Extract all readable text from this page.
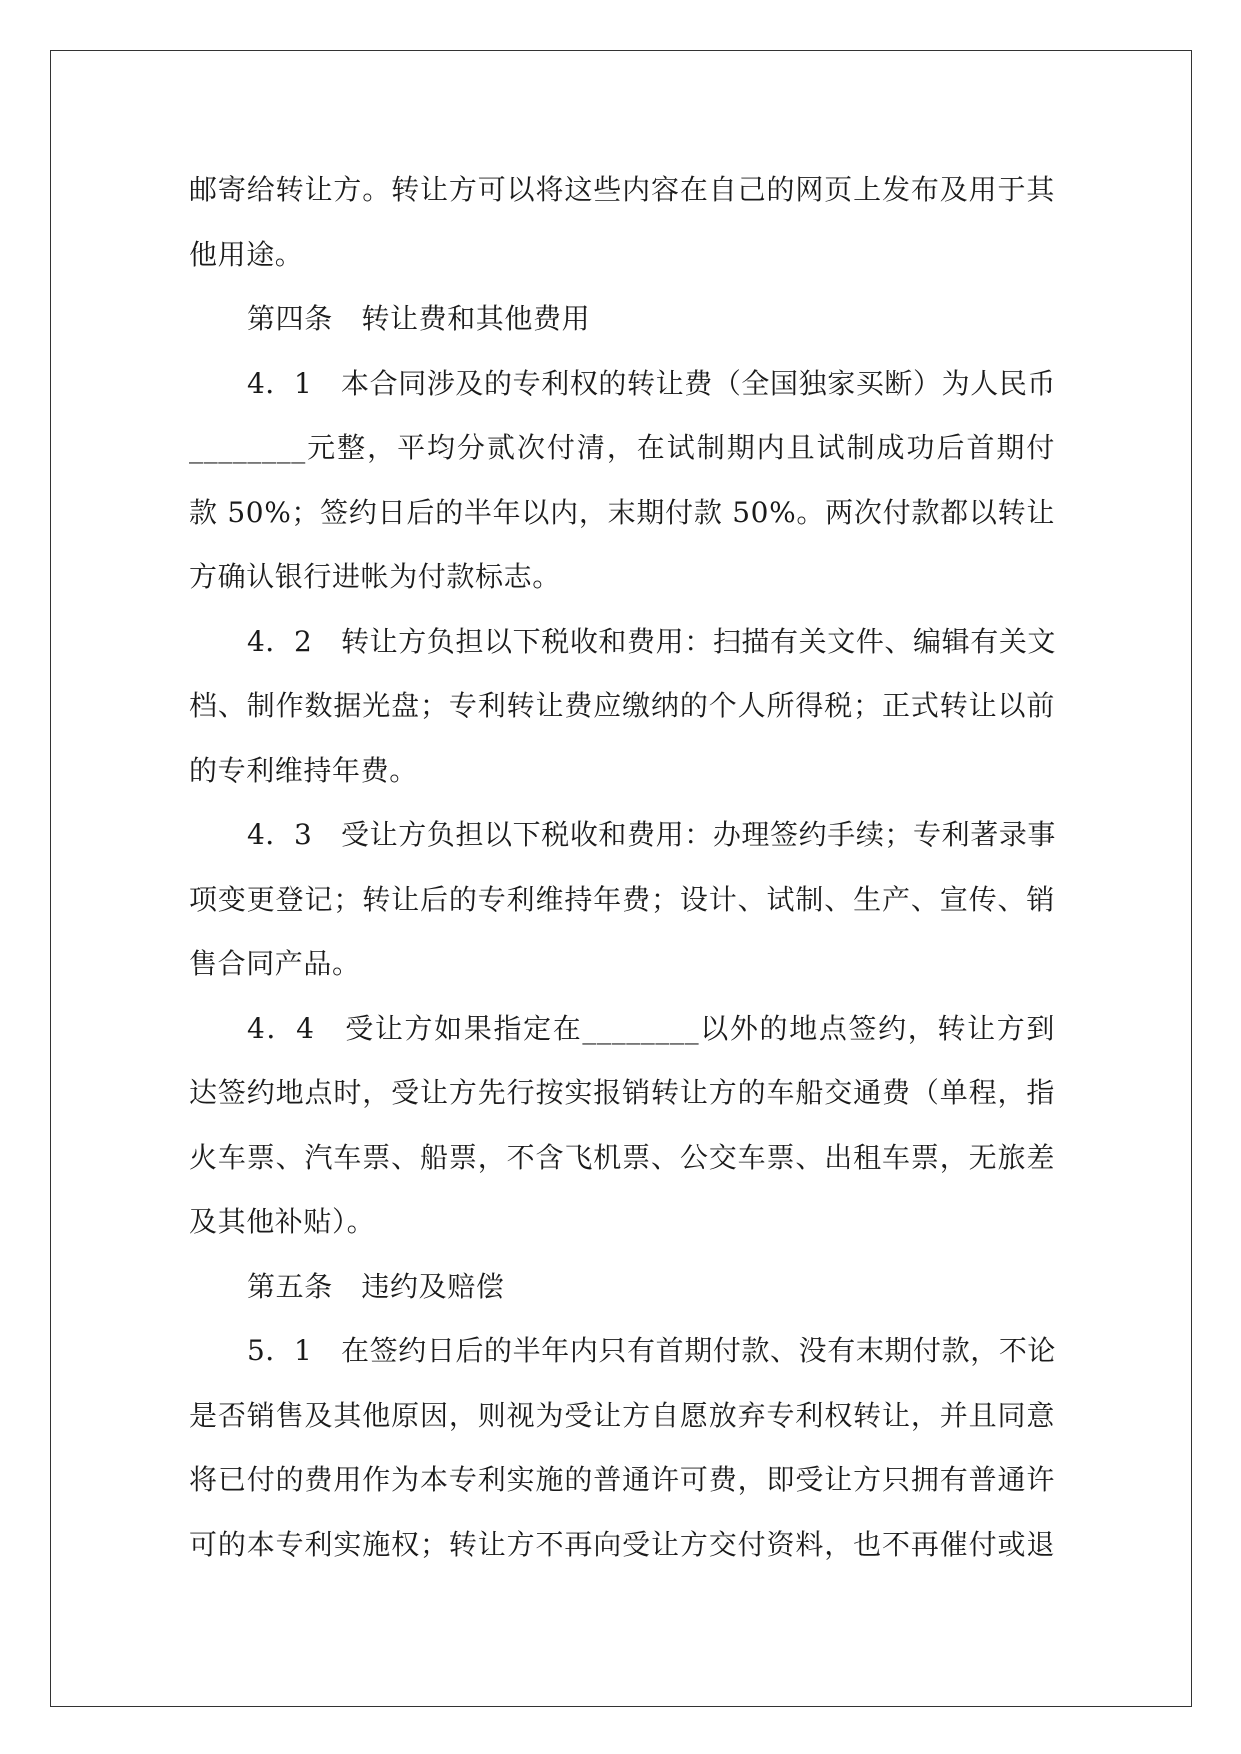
邮寄给转让方。转让方可以将这些内容在自己的网页上发布及用于其
他用途。
第四条　转让费和其他费用
4．1　本合同涉及的专利权的转让费（全国独家买断）为人民币
________元整，平均分贰次付清，在试制期内且试制成功后首期付
款 50%；签约日后的半年以内，末期付款 50%。两次付款都以转让
方确认银行进帐为付款标志。
4．2　转让方负担以下税收和费用：扫描有关文件、编辑有关文
档、制作数据光盘；专利转让费应缴纳的个人所得税；正式转让以前
的专利维持年费。
4．3　受让方负担以下税收和费用：办理签约手续；专利著录事
项变更登记；转让后的专利维持年费；设计、试制、生产、宣传、销
售合同产品。
4．4　受让方如果指定在________以外的地点签约，转让方到
达签约地点时，受让方先行按实报销转让方的车船交通费（单程，指
火车票、汽车票、船票，不含飞机票、公交车票、出租车票，无旅差
及其他补贴）。
第五条　违约及赔偿
5．1　在签约日后的半年内只有首期付款、没有末期付款，不论
是否销售及其他原因，则视为受让方自愿放弃专利权转让，并且同意
将已付的费用作为本专利实施的普通许可费，即受让方只拥有普通许
可的本专利实施权；转让方不再向受让方交付资料，也不再催付或退
